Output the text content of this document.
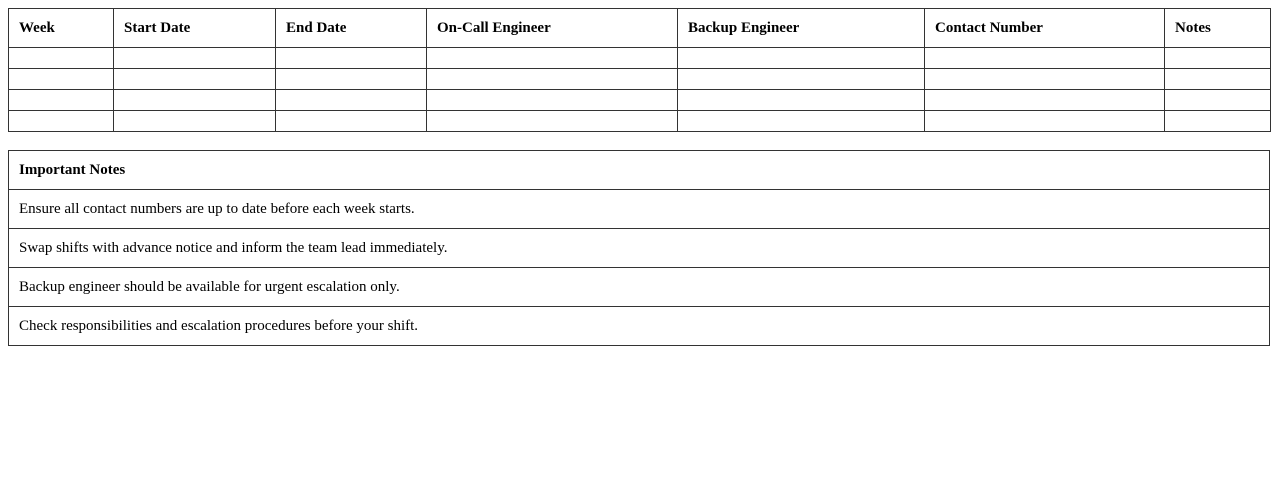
Week	Start Date	End Date	On-Call Engineer	Backup Engineer	Contact Number	Notes

Important Notes
Ensure all contact numbers are up to date before each week starts.
Swap shifts with advance notice and inform the team lead immediately.
Backup engineer should be available for urgent escalation only.
Check responsibilities and escalation procedures before your shift.
